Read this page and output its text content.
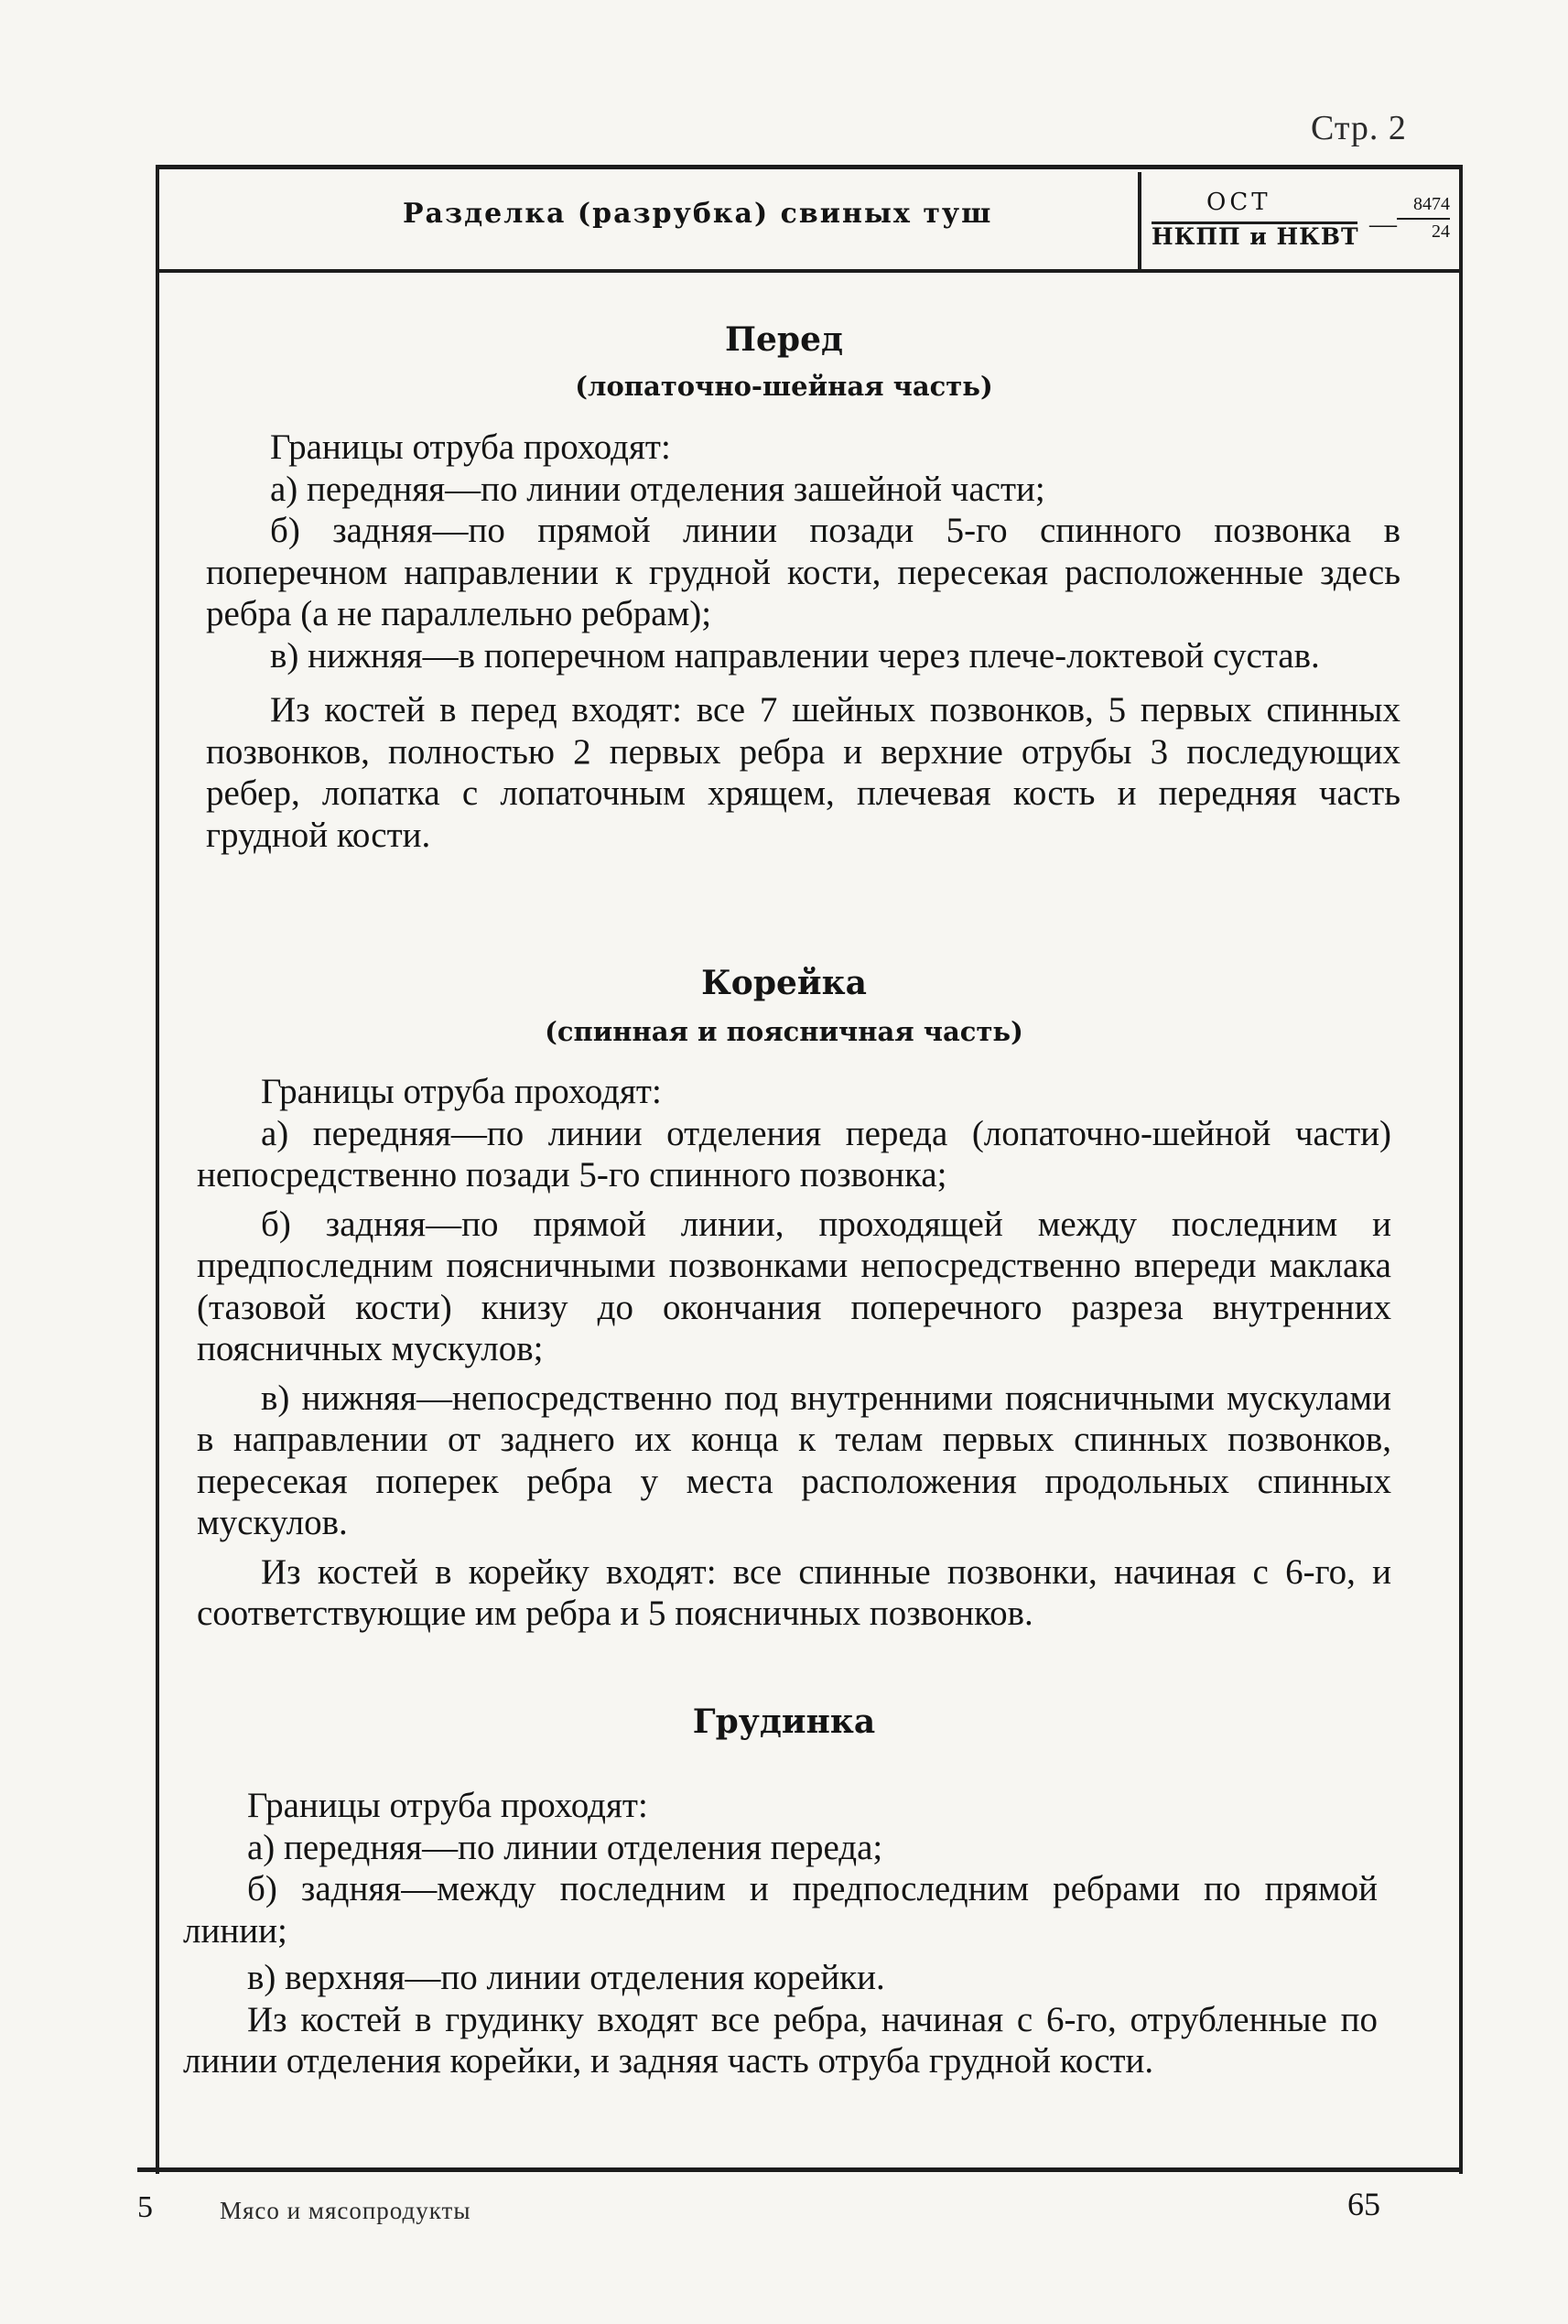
Стр. 2
Разделка (разрубка) свиных туш	ОСТ
НКПП и НКВТ —
8474
24
Перед
(лопаточно-шейная часть)

Границы отруба проходят:

а) передняя—по линии отделения зашейной части;

б) задняя—по прямой линии позади 5-го спинного позвонка в поперечном направлении к грудной кости, пересекая расположенные здесь ребра (а не параллельно ребрам);

в) нижняя—в поперечном направлении через плече-локтевой сустав.

Из костей в перед входят: все 7 шейных позвонков, 5 первых спинных позвонков, полностью 2 первых ребра и верхние отрубы 3 последующих ребер, лопатка с лопаточным хрящем, плечевая кость и передняя часть грудной кости.

Корейка
(спинная и поясничная часть)

Границы отруба проходят:

а) передняя—по линии отделения переда (лопаточно-шейной части) непосредственно позади 5-го спинного позвонка;

б) задняя—по прямой линии, проходящей между последним и предпоследним поясничными позвонками непосредственно впереди маклака (тазовой кости) книзу до окончания поперечного разреза внутренних поясничных мускулов;

в) нижняя—непосредственно под внутренними поясничными мускулами в направлении от заднего их конца к телам первых спинных позвонков, пересекая поперек ребра у места расположения продольных спинных мускулов.

Из костей в корейку входят: все спинные позвонки, начиная с 6-го, и соответствующие им ребра и 5 поясничных позвонков.

Грудинка

Границы отруба проходят:

а) передняя—по линии отделения переда;

б) задняя—между последним и предпоследним ребрами по прямой линии;

в) верхняя—по линии отделения корейки.

Из костей в грудинку входят все ребра, начиная с 6-го, отрубленные по линии отделения корейки, и задняя часть отруба грудной кости.

5	Мясо и мясопродукты	65
